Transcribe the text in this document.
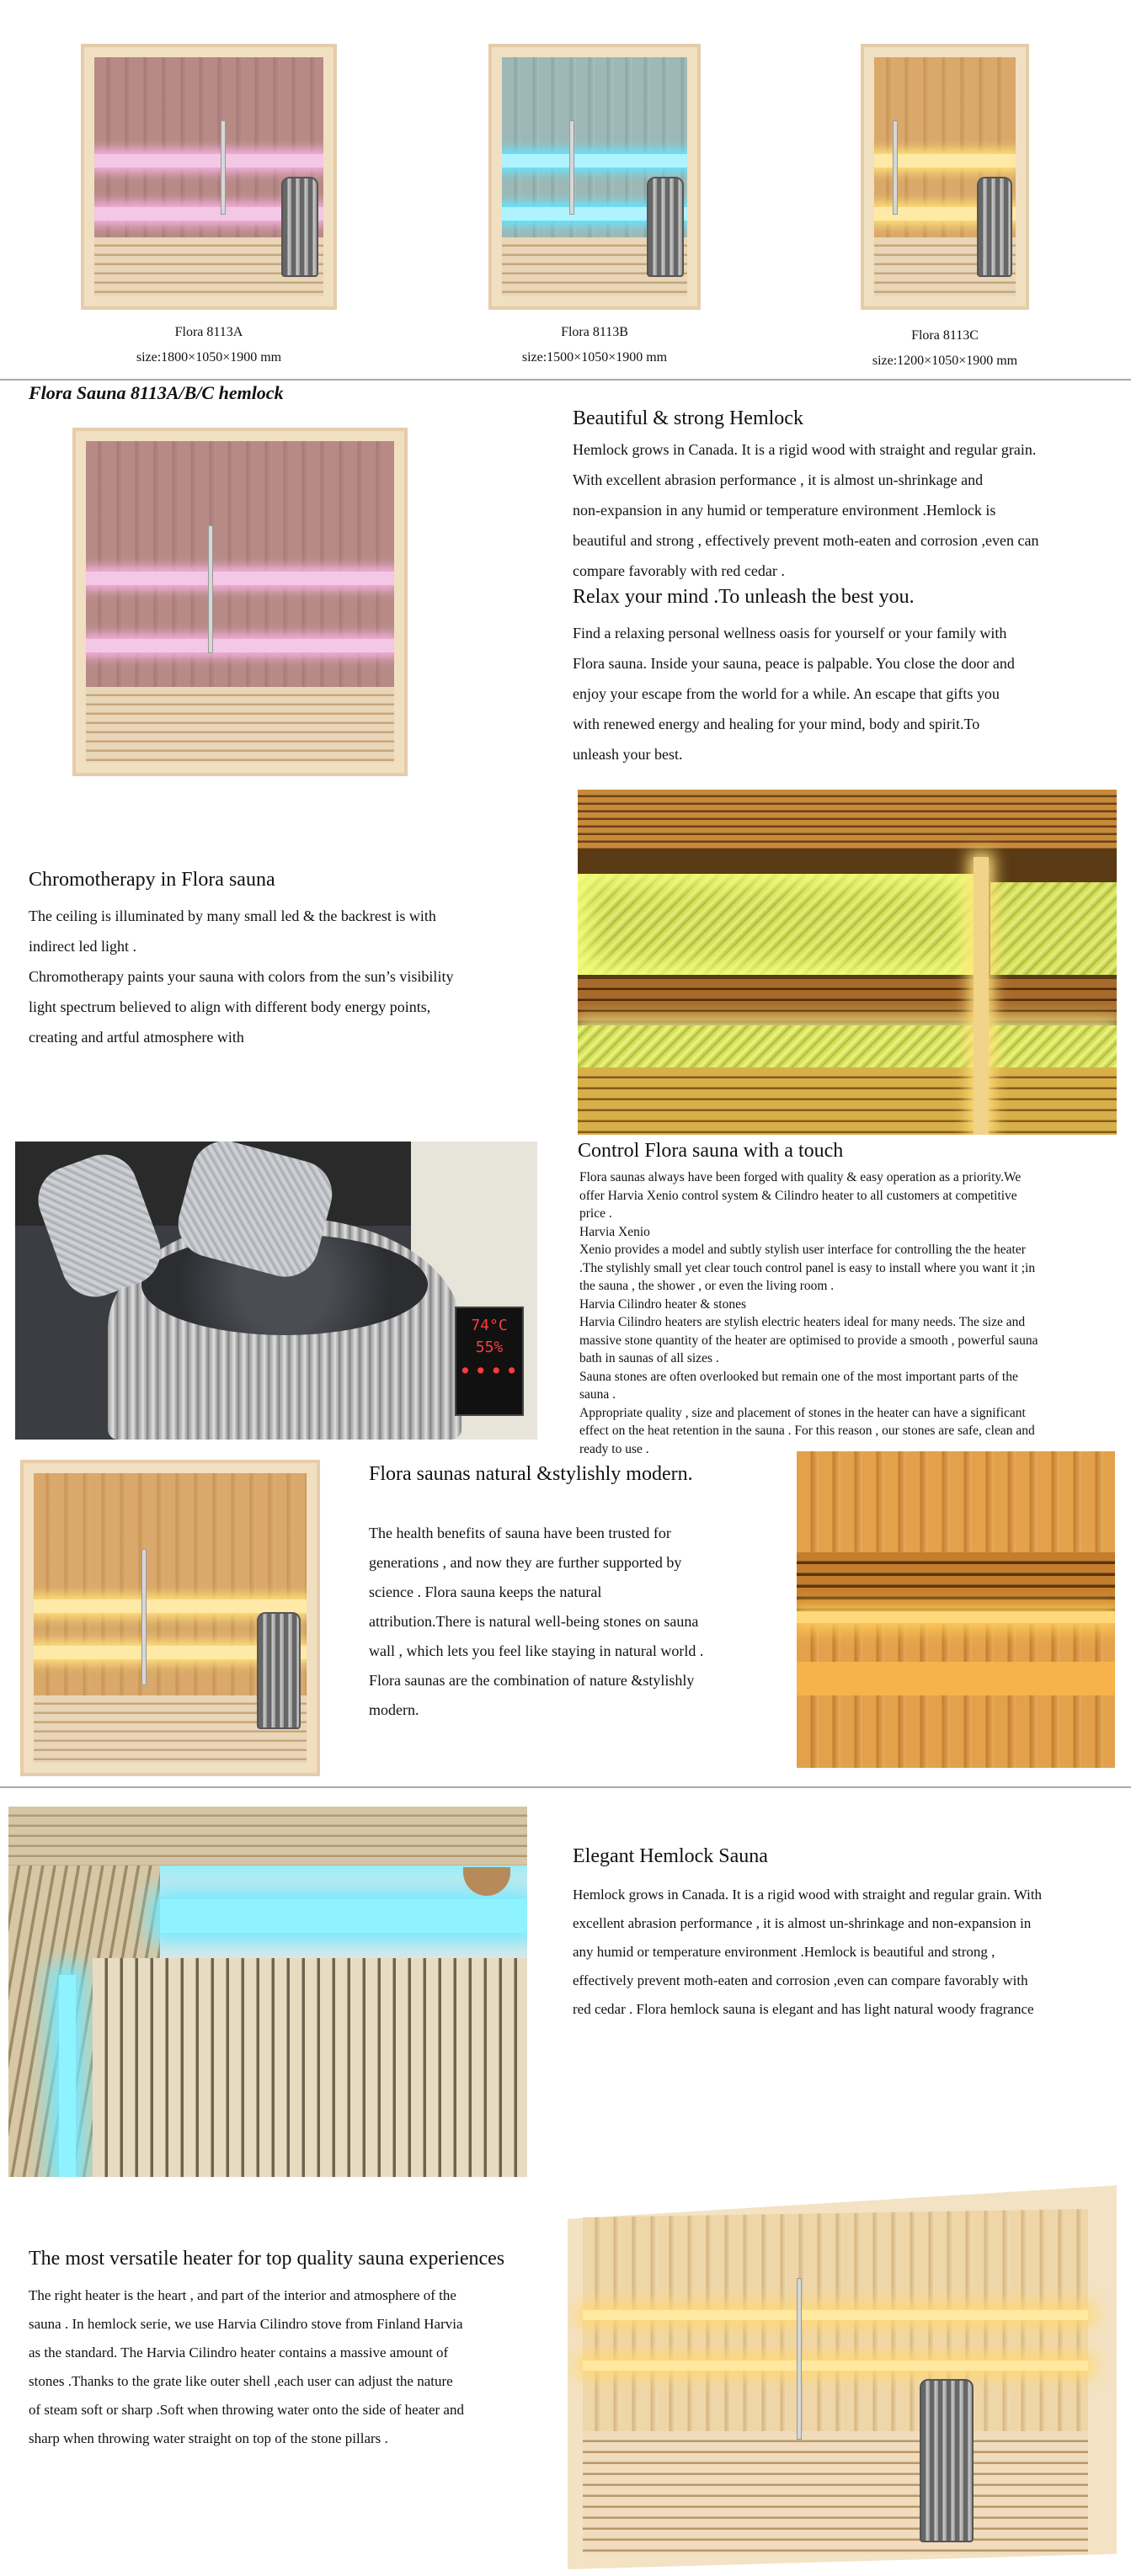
Flora 8113A
size:1800×1050×1900 mm
Flora 8113B
size:1500×1050×1900 mm
Flora 8113C
size:1200×1050×1900 mm
Flora Sauna 8113A/B/C hemlock
Beautiful & strong Hemlock

Hemlock grows in Canada. It is a rigid wood with straight and regular grain.

With excellent abrasion performance , it is almost un-shrinkage and

non-expansion in any humid or temperature environment .Hemlock is

beautiful and strong , effectively prevent moth-eaten and corrosion ,even can

compare favorably with red cedar .

Relax your mind .To unleash the best you.

Find a relaxing personal wellness oasis for yourself or your family with

Flora sauna. Inside your sauna, peace is palpable. You close the door and

enjoy your escape from the world for a while. An escape that gifts you

with renewed energy and healing for your mind, body and spirit.To

unleash your best.

Chromotherapy in Flora sauna

The ceiling is illuminated by many small led & the backrest is with

indirect led light .

Chromotherapy paints your sauna with colors from the sun’s visibility

light spectrum believed to align with different body energy points,

creating and artful atmosphere with

74°C
55%
● ● ● ●
Control Flora sauna with a touch

Flora saunas always have been forged with quality & easy operation as a priority.We

offer Harvia Xenio control system & Cilindro heater to all customers at competitive

price .

Harvia Xenio

Xenio provides a model and subtly stylish user interface for controlling the the heater

.The stylishly small yet clear touch control panel is easy to install where you want it ;in

the sauna , the shower , or even the living room .

Harvia Cilindro heater & stones

Harvia Cilindro heaters are stylish electric heaters ideal for many needs. The size and

massive stone quantity of the heater are optimised to provide a smooth , powerful sauna

bath in saunas of all sizes .

Sauna stones are often overlooked but remain one of the most important parts of the

sauna .

Appropriate quality , size and placement of stones in the heater can have a significant

effect on the heat retention in the sauna . For this reason , our stones are safe, clean and

ready to use .

Flora saunas natural &stylishly modern.

The health benefits of sauna have been trusted for

generations , and now they are further supported by

science . Flora sauna keeps the natural

attribution.There is natural well-being stones on sauna

wall , which lets you feel like staying in natural world .

Flora saunas are the combination of nature &stylishly

modern.

Elegant Hemlock Sauna

Hemlock grows in Canada. It is a rigid wood with straight and regular grain. With

excellent abrasion performance , it is almost un-shrinkage and non-expansion in

any humid or temperature environment .Hemlock is beautiful and strong ,

effectively prevent moth-eaten and corrosion ,even can compare favorably with

red cedar . Flora hemlock sauna is elegant and has light natural woody fragrance

The most versatile heater for top quality sauna experiences

The right heater is the heart , and part of the interior and atmosphere of the

sauna . In hemlock serie, we use Harvia Cilindro stove from Finland Harvia

as the standard. The Harvia Cilindro heater contains a massive amount of

stones .Thanks to the grate like outer shell ,each user can adjust the nature

of steam soft or sharp .Soft when throwing water onto the side of heater and

sharp when throwing water straight on top of the stone pillars .
